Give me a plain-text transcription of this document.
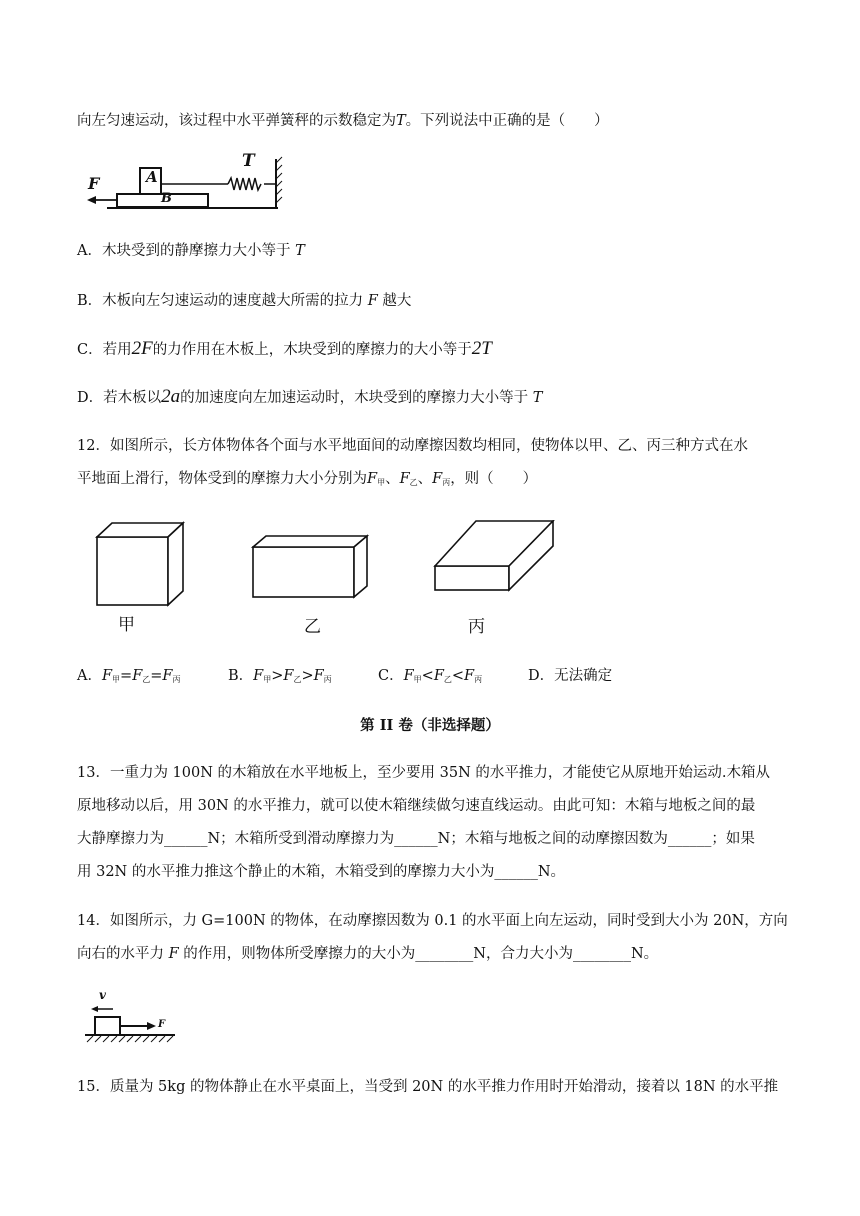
向左匀速运动，该过程中水平弹簧秤的示数稳定为T。下列说法中正确的是（　　）
F	A
B
T
A．木块受到的静摩擦力大小等于 T
B．木板向左匀速运动的速度越大所需的拉力 F 越大
C．若用2F的力作用在木板上，木块受到的摩擦力的大小等于2T
D．若木板以2a的加速度向左加速运动时，木块受到的摩擦力大小等于 T
12．如图所示，长方体物体各个面与水平地面间的动摩擦因数均相同，使物体以甲、乙、丙三种方式在水
平地面上滑行，物体受到的摩擦力大小分别为$F_甲$、$F_乙$、$F_丙$，则（　　）
甲	乙	丙
A．$F_甲=F_乙=F_丙$	B．$F_甲>F_乙>F_丙$	C．$F_甲<F_乙<F_丙$	D．无法确定
第 II 卷（非选择题）
13．一重力为 100N 的木箱放在水平地板上，至少要用 35N 的水平推力，才能使它从原地开始运动.木箱从
原地移动以后，用 30N 的水平推力，就可以使木箱继续做匀速直线运动。由此可知：木箱与地板之间的最
大静摩擦力为______N；木箱所受到滑动摩擦力为______N；木箱与地板之间的动摩擦因数为______；如果
用 32N 的水平推力推这个静止的木箱，木箱受到的摩擦力大小为______N。
14．如图所示，力 G=100N 的物体，在动摩擦因数为 0.1 的水平面上向左运动，同时受到大小为 20N，方向
向右的水平力 F 的作用，则物体所受摩擦力的大小为________N，合力大小为________N。
v
F
15．质量为 5kg 的物体静止在水平桌面上，当受到 20N 的水平推力作用时开始滑动，接着以 18N 的水平推
